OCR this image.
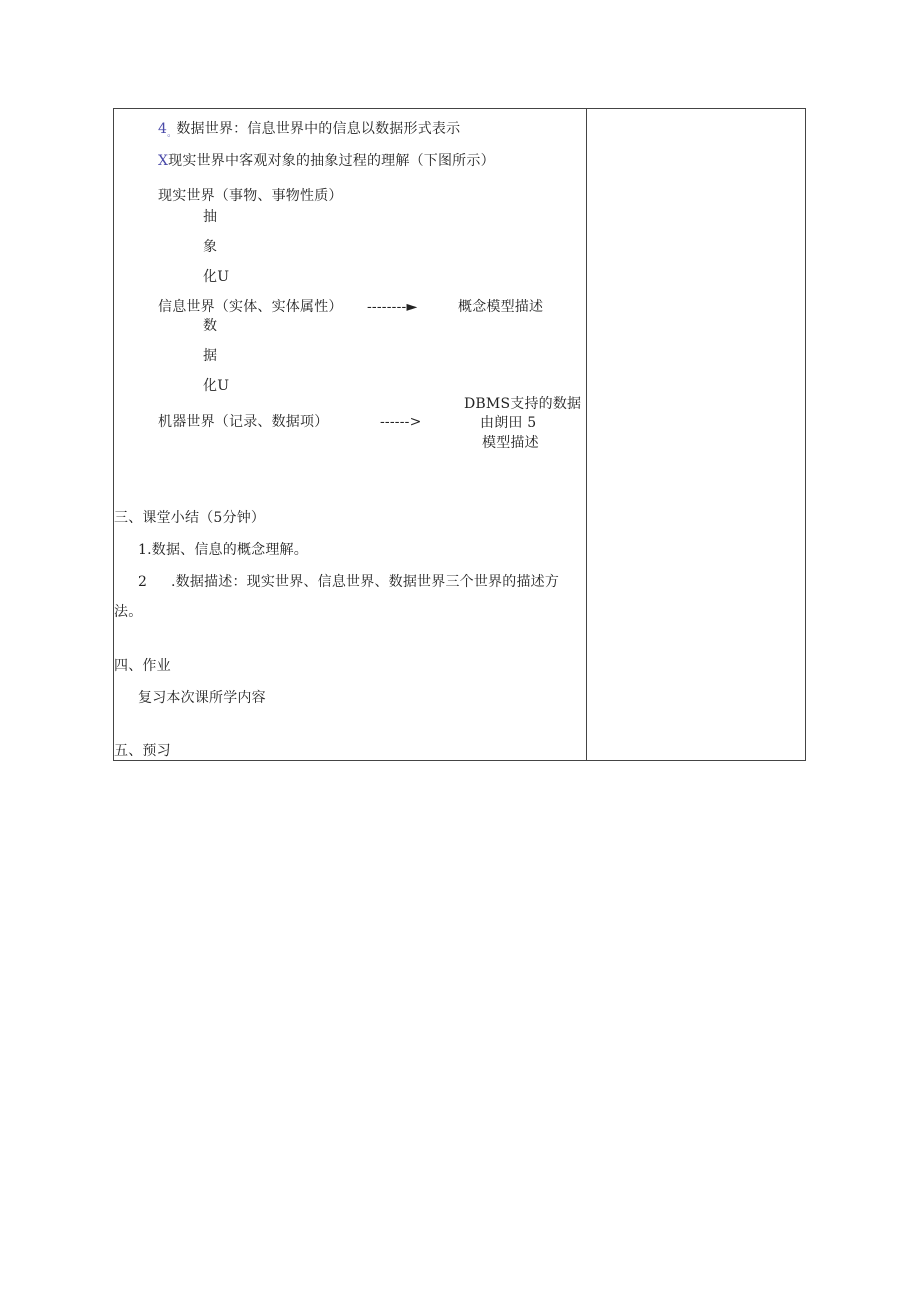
$4_。$数据世界：信息世界中的信息以数据形式表示
X现实世界中客观对象的抽象过程的理解（下图所示）
现实世界（事物、事物性质）
抽
象
化U
信息世界（实体、实体属性） --------►	概念模型描述
数
据
化U
DBMS支持的数据
机器世界（记录、数据项）	------>	由朗田 5
模型描述
三、课堂小结（5分钟）
1.数据、信息的概念理解。
2 .数据描述：现实世界、信息世界、数据世界三个世界的描述方
法。
四、作业
复习本次课所学内容
五、预习
